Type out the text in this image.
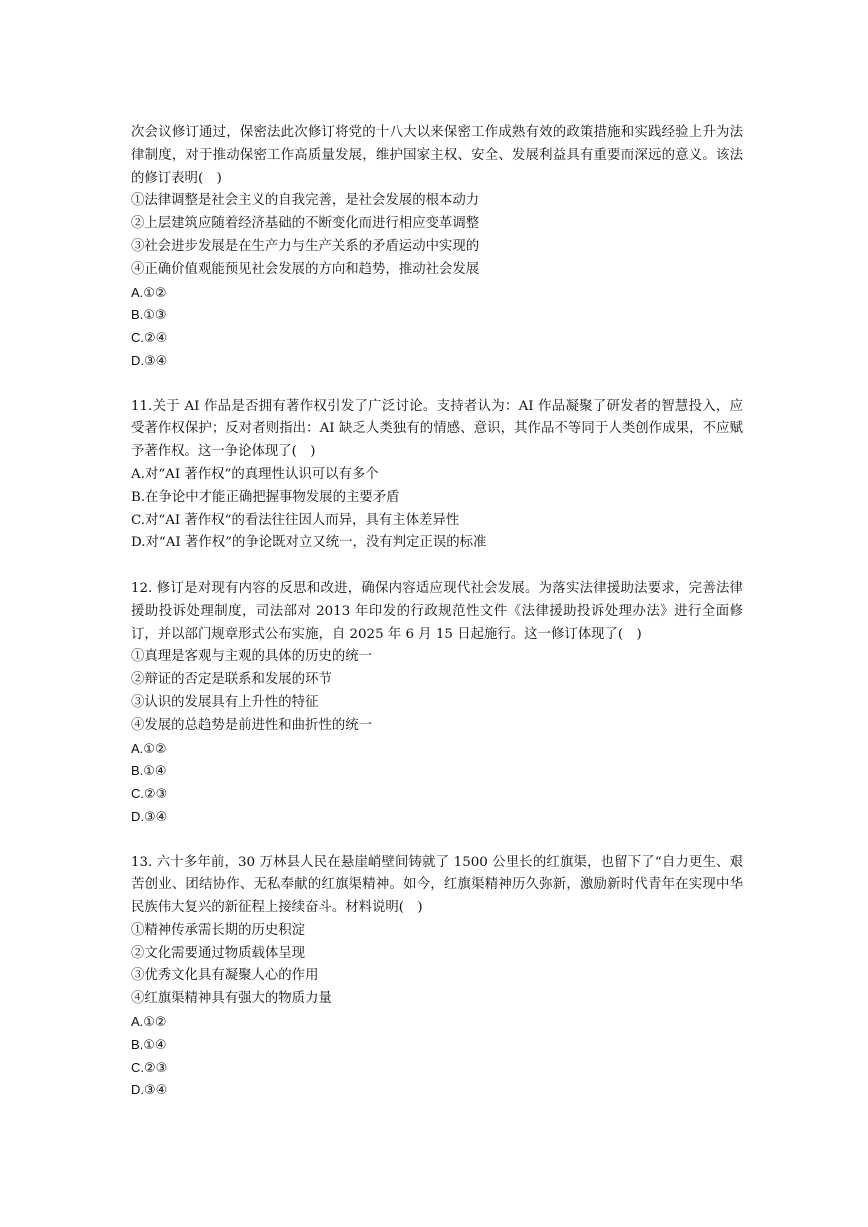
次会议修订通过，保密法此次修订将党的十八大以来保密工作成熟有效的政策措施和实践经验上升为法律制度，对于推动保密工作高质量发展，维护国家主权、安全、发展利益具有重要而深远的意义。该法的修订表明(　)
①法律调整是社会主义的自我完善，是社会发展的根本动力
②上层建筑应随着经济基础的不断变化而进行相应变革调整
③社会进步发展是在生产力与生产关系的矛盾运动中实现的
④正确价值观能预见社会发展的方向和趋势，推动社会发展
A.①②
B.①③
C.②④
D.③④
11.关于 AI 作品是否拥有著作权引发了广泛讨论。支持者认为：AI 作品凝聚了研发者的智慧投入，应受著作权保护；反对者则指出：AI 缺乏人类独有的情感、意识，其作品不等同于人类创作成果，不应赋予著作权。这一争论体现了(　)
A.对“AI 著作权”的真理性认识可以有多个
B.在争论中才能正确把握事物发展的主要矛盾
C.对“AI 著作权“的看法往往因人而异，具有主体差异性
D.对“AI 著作权”的争论既对立又统一，没有判定正误的标准
12. 修订是对现有内容的反思和改进，确保内容适应现代社会发展。为落实法律援助法要求，完善法律援助投诉处理制度，司法部对 2013 年印发的行政规范性文件《法律援助投诉处理办法》进行全面修订，并以部门规章形式公布实施，自 2025 年 6 月 15 日起施行。这一修订体现了(　)
①真理是客观与主观的具体的历史的统一
②辩证的否定是联系和发展的环节
③认识的发展具有上升性的特征
④发展的总趋势是前进性和曲折性的统一
A.①②
B.①④
C.②③
D.③④
13. 六十多年前，30 万林县人民在悬崖峭壁间铸就了 1500 公里长的红旗渠，也留下了“自力更生、艰苦创业、团结协作、无私奉献的红旗渠精神。如今，红旗渠精神历久弥新，激励新时代青年在实现中华民族伟大复兴的新征程上接续奋斗。材料说明(　)
①精神传承需长期的历史积淀
②文化需要通过物质载体呈现
③优秀文化具有凝聚人心的作用
④红旗渠精神具有强大的物质力量
A.①②
B.①④
C.②③
D.③④
